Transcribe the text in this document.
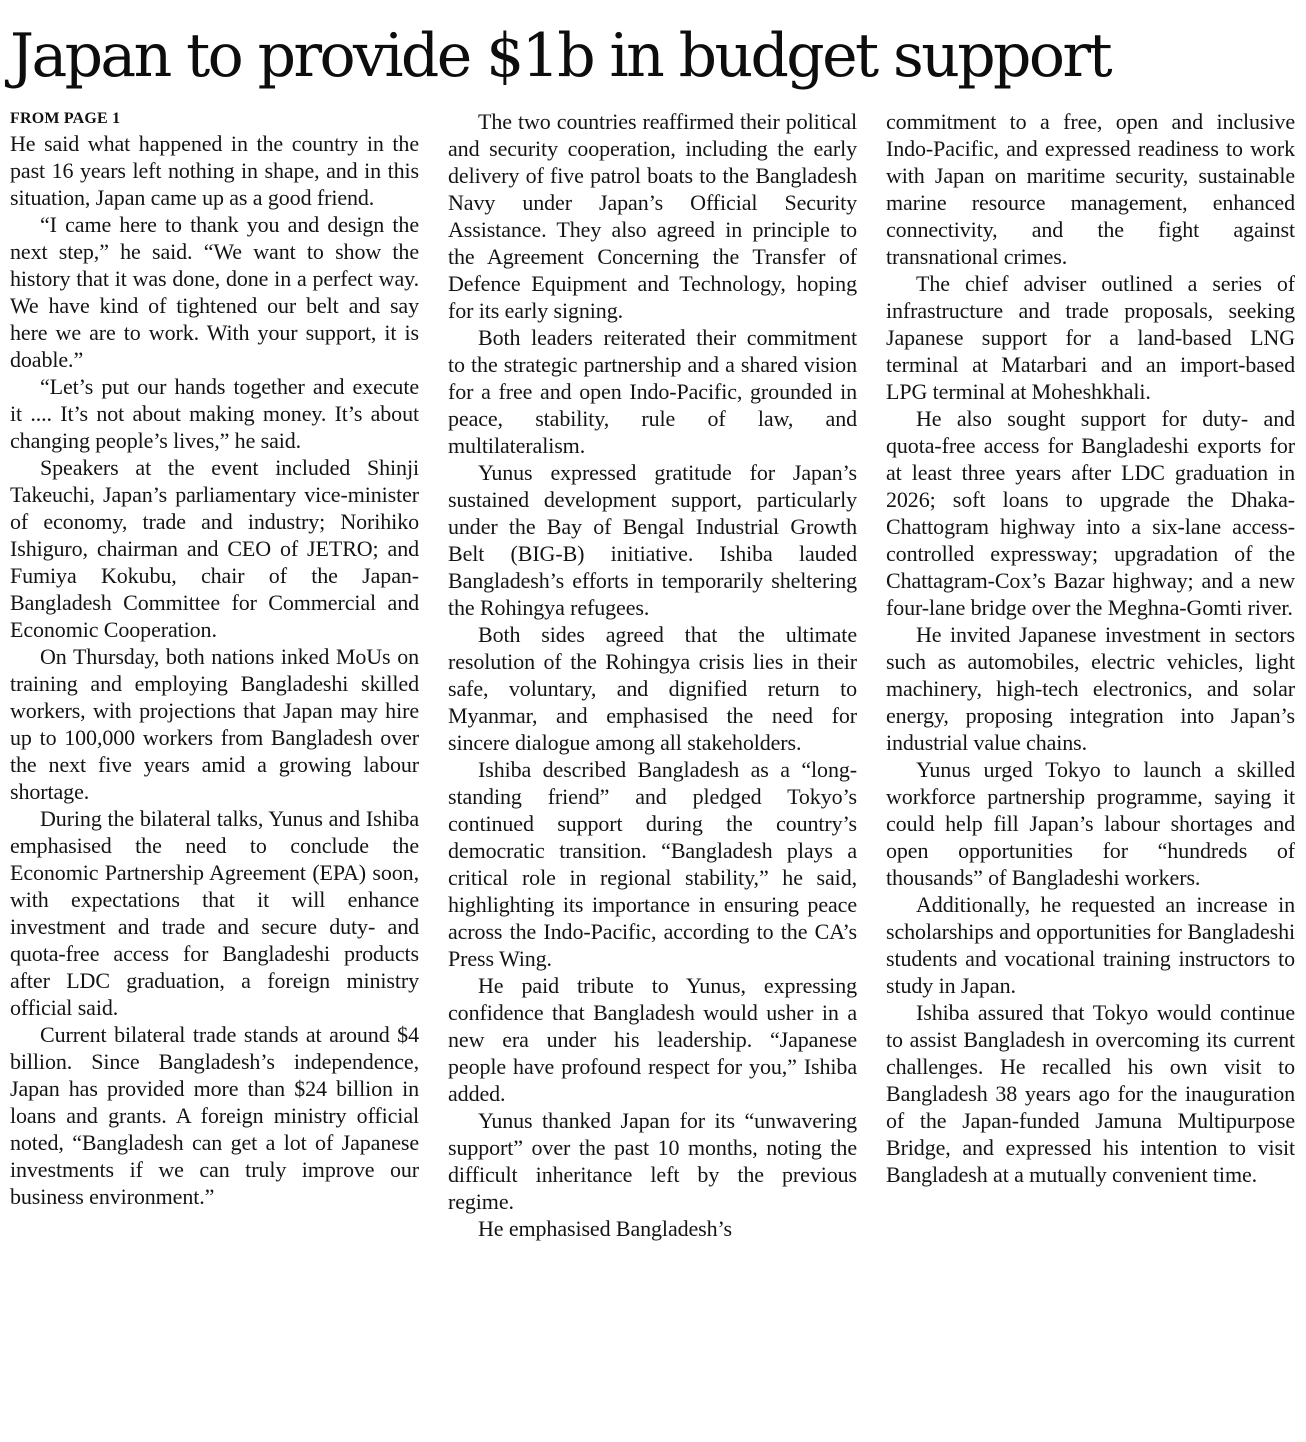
Japan to provide $1b in budget support
FROM PAGE 1

He said what happened in the country in the past 16 years left nothing in shape, and in this situation, Japan came up as a good friend.

“I came here to thank you and design the next step,” he said. “We want to show the history that it was done, done in a perfect way. We have kind of tightened our belt and say here we are to work. With your support, it is doable.”

“Let’s put our hands together and execute it .... It’s not about making money. It’s about changing people’s lives,” he said.

Speakers at the event included Shinji Takeuchi, Japan’s parliamentary vice-minister of economy, trade and industry; Norihiko Ishiguro, chairman and CEO of JETRO; and Fumiya Kokubu, chair of the Japan-Bangladesh Committee for Commercial and Economic Cooperation.

On Thursday, both nations inked MoUs on training and employing Bangladeshi skilled workers, with projections that Japan may hire up to 100,000 workers from Bangladesh over the next five years amid a growing labour shortage.

During the bilateral talks, Yunus and Ishiba emphasised the need to conclude the Economic Partnership Agreement (EPA) soon, with expectations that it will enhance investment and trade and secure duty- and quota-free access for Bangladeshi products after LDC graduation, a foreign ministry official said.

Current bilateral trade stands at around $4 billion. Since Bangladesh’s independence, Japan has provided more than $24 billion in loans and grants. A foreign ministry official noted, “Bangladesh can get a lot of Japanese investments if we can truly improve our business environment.”

The two countries reaffirmed their political and security cooperation, including the early delivery of five patrol boats to the Bangladesh Navy under Japan’s Official Security Assistance. They also agreed in principle to the Agreement Concerning the Transfer of Defence Equipment and Technology, hoping for its early signing.

Both leaders reiterated their commitment to the strategic partnership and a shared vision for a free and open Indo-Pacific, grounded in peace, stability, rule of law, and multilateralism.

Yunus expressed gratitude for Japan’s sustained development support, particularly under the Bay of Bengal Industrial Growth Belt (BIG-B) initiative. Ishiba lauded Bangladesh’s efforts in temporarily sheltering the Rohingya refugees.

Both sides agreed that the ultimate resolution of the Rohingya crisis lies in their safe, voluntary, and dignified return to Myanmar, and emphasised the need for sincere dialogue among all stakeholders.

Ishiba described Bangladesh as a “long-standing friend” and pledged Tokyo’s continued support during the country’s democratic transition. “Bangladesh plays a critical role in regional stability,” he said, highlighting its importance in ensuring peace across the Indo-Pacific, according to the CA’s Press Wing.

He paid tribute to Yunus, expressing confidence that Bangladesh would usher in a new era under his leadership. “Japanese people have profound respect for you,” Ishiba added.

Yunus thanked Japan for its “unwavering support” over the past 10 months, noting the difficult inheritance left by the previous regime.

He emphasised Bangladesh’s

commitment to a free, open and inclusive Indo-Pacific, and expressed readiness to work with Japan on maritime security, sustainable marine resource management, enhanced connectivity, and the fight against transnational crimes.

The chief adviser outlined a series of infrastructure and trade proposals, seeking Japanese support for a land-based LNG terminal at Matarbari and an import-based LPG terminal at Moheshkhali.

He also sought support for duty- and quota-free access for Bangladeshi exports for at least three years after LDC graduation in 2026; soft loans to upgrade the Dhaka-Chattogram highway into a six-lane access-controlled expressway; upgradation of the Chattagram-Cox’s Bazar highway; and a new four-lane bridge over the Meghna-Gomti river.

He invited Japanese investment in sectors such as automobiles, electric vehicles, light machinery, high-tech electronics, and solar energy, proposing integration into Japan’s industrial value chains.

Yunus urged Tokyo to launch a skilled workforce partnership programme, saying it could help fill Japan’s labour shortages and open opportunities for “hundreds of thousands” of Bangladeshi workers.

Additionally, he requested an increase in scholarships and opportunities for Bangladeshi students and vocational training instructors to study in Japan.

Ishiba assured that Tokyo would continue to assist Bangladesh in overcoming its current challenges. He recalled his own visit to Bangladesh 38 years ago for the inauguration of the Japan-funded Jamuna Multipurpose Bridge, and expressed his intention to visit Bangladesh at a mutually convenient time.
